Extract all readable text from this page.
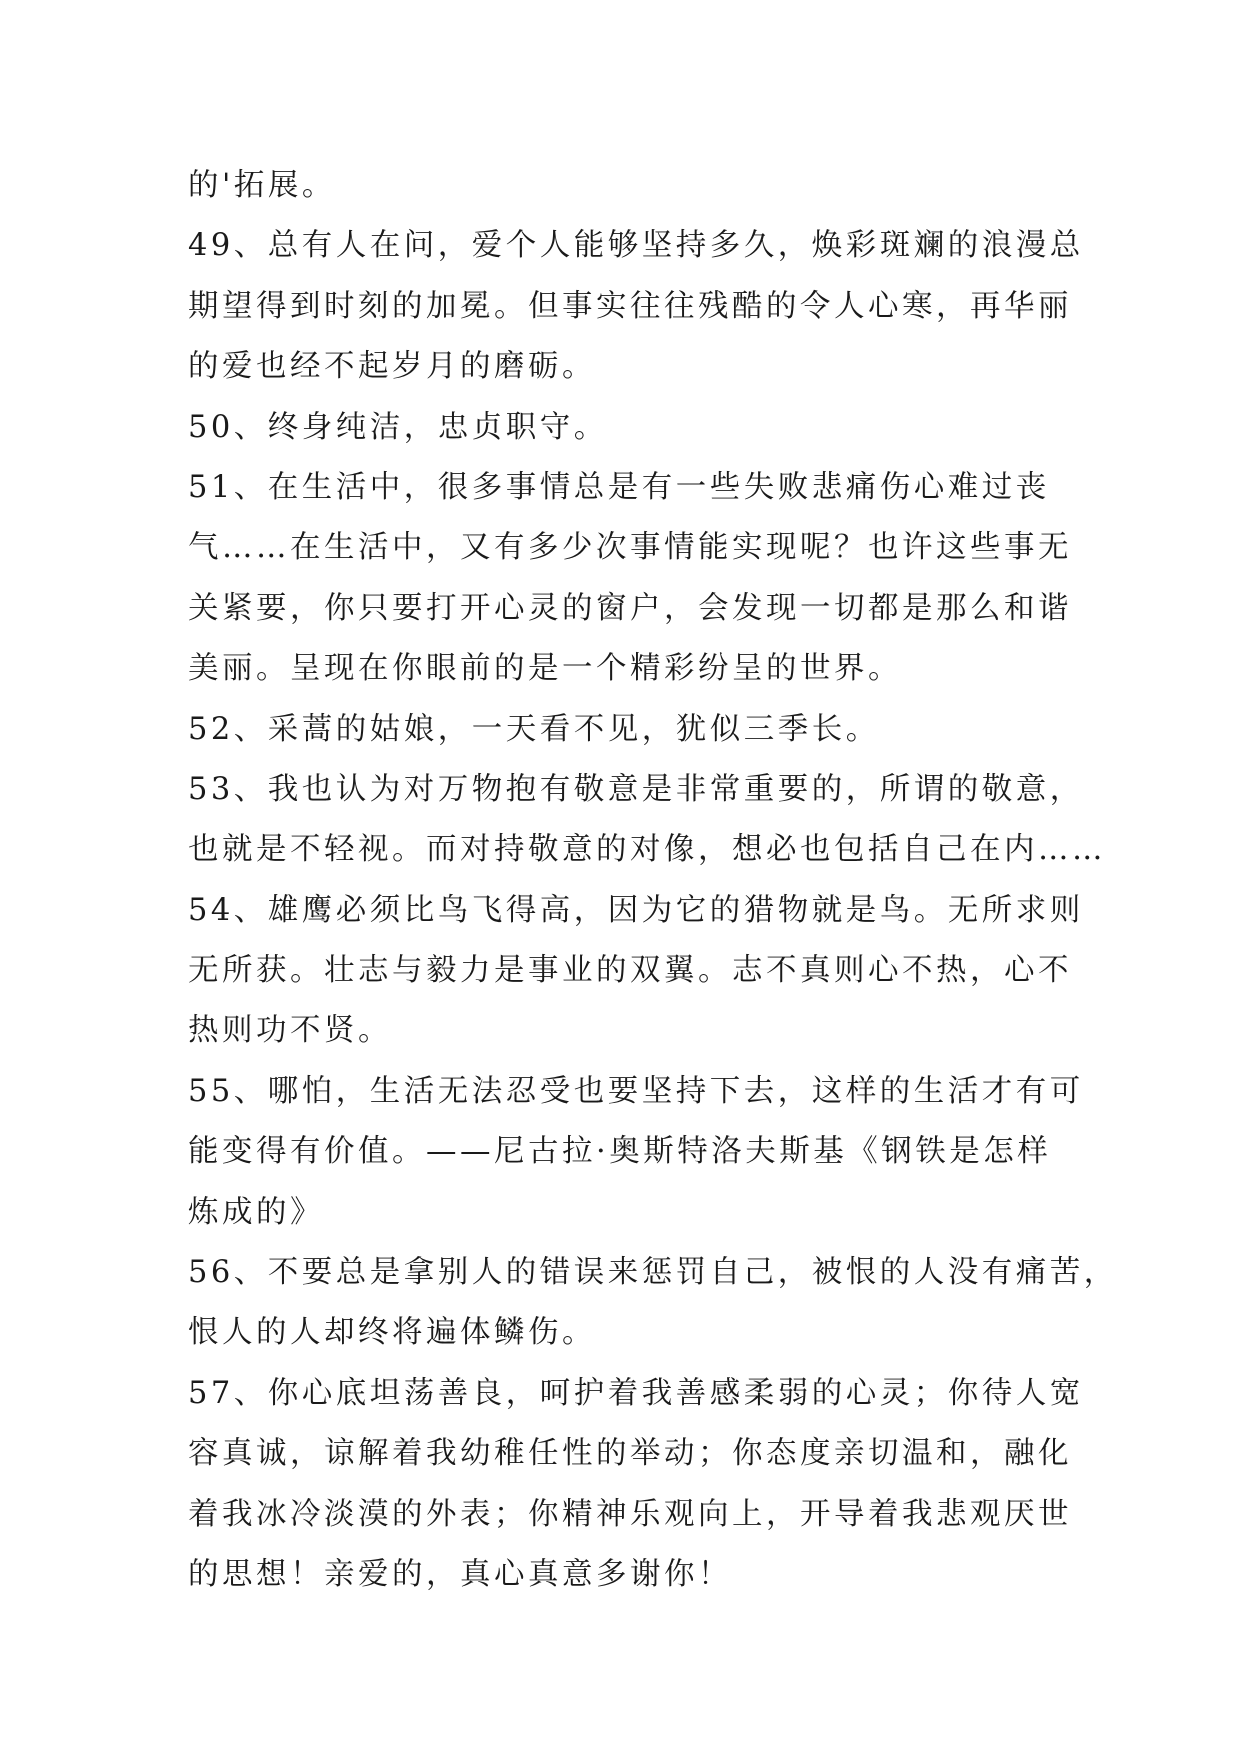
的'拓展。
49、总有人在问，爱个人能够坚持多久，焕彩斑斓的浪漫总
期望得到时刻的加冕。但事实往往残酷的令人心寒，再华丽
的爱也经不起岁月的磨砺。
50、终身纯洁，忠贞职守。
51、在生活中，很多事情总是有一些失败悲痛伤心难过丧
气……在生活中，又有多少次事情能实现呢？也许这些事无
关紧要，你只要打开心灵的窗户，会发现一切都是那么和谐
美丽。呈现在你眼前的是一个精彩纷呈的世界。
52、采蒿的姑娘，一天看不见，犹似三季长。
53、我也认为对万物抱有敬意是非常重要的，所谓的敬意，
也就是不轻视。而对持敬意的对像，想必也包括自己在内……
54、雄鹰必须比鸟飞得高，因为它的猎物就是鸟。无所求则
无所获。壮志与毅力是事业的双翼。志不真则心不热，心不
热则功不贤。
55、哪怕，生活无法忍受也要坚持下去，这样的生活才有可
能变得有价值。——尼古拉·奥斯特洛夫斯基《钢铁是怎样
炼成的》
56、不要总是拿别人的错误来惩罚自己，被恨的人没有痛苦，
恨人的人却终将遍体鳞伤。
57、你心底坦荡善良，呵护着我善感柔弱的心灵；你待人宽
容真诚，谅解着我幼稚任性的举动；你态度亲切温和，融化
着我冰冷淡漠的外表；你精神乐观向上，开导着我悲观厌世
的思想！亲爱的，真心真意多谢你！
